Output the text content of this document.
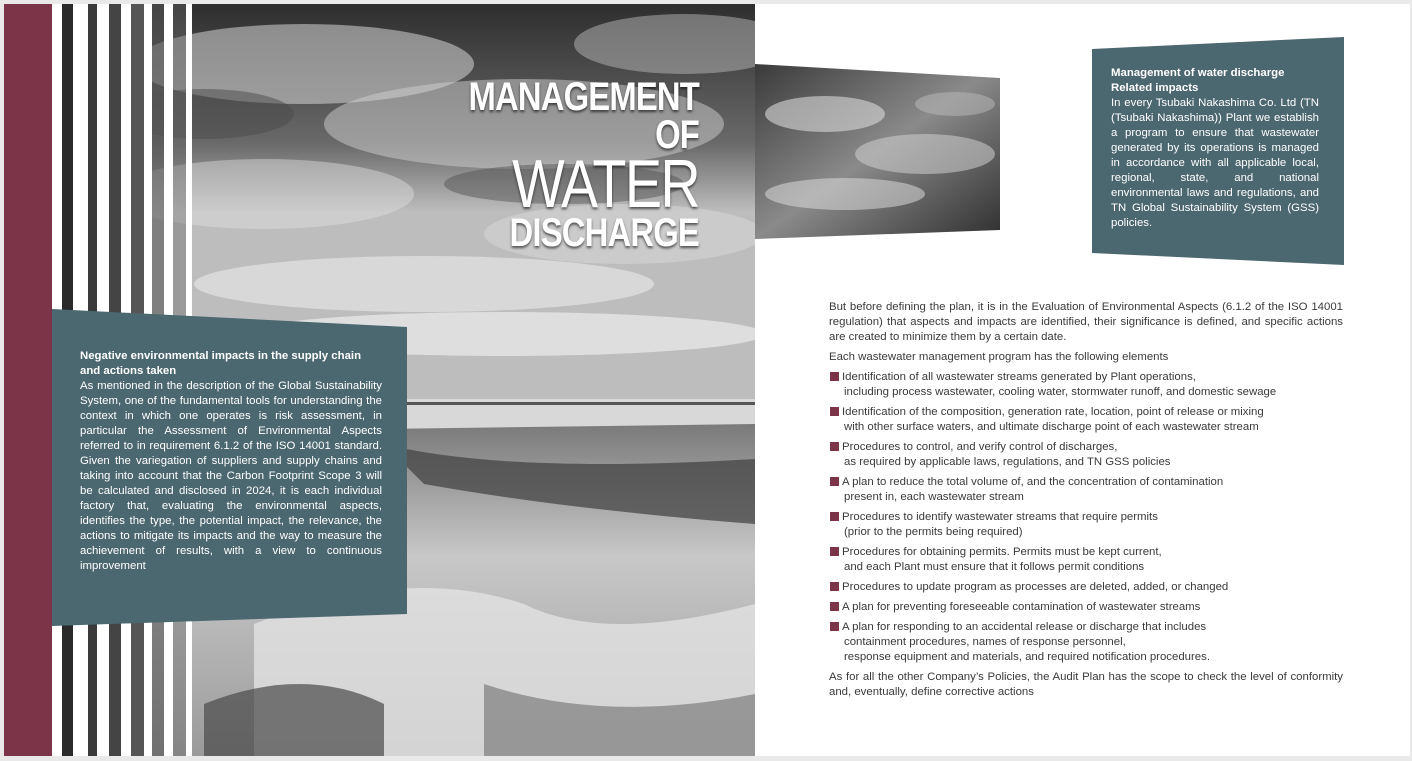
MANAGEMENT OF
WATER
DISCHARGE
Negative environmental impacts in the supply chain and actions taken
As mentioned in the description of the Global Sustainability System, one of the fundamental tools for understanding the context in which one operates is risk assessment, in particular the Assessment of Environmental Aspects referred to in requirement 6.1.2 of the ISO 14001 standard. Given the variegation of suppliers and supply chains and taking into account that the Carbon Footprint Scope 3 will be calculated and disclosed in 2024, it is each individual factory that, evaluating the environmental aspects, identifies the type, the potential impact, the relevance, the actions to mitigate its impacts and the way to measure the achievement of results, with a view to continuous improvement
Management of water discharge
Related impacts
In every Tsubaki Nakashima Co. Ltd (TN (Tsubaki Nakashima)) Plant we establish a program to ensure that wastewater generated by its operations is managed in accordance with all applicable local, regional, state, and national environmental laws and regulations, and TN Global Sustainability System (GSS) policies.

But before defining the plan, it is in the Evaluation of Environmental Aspects (6.1.2 of the ISO 14001 regulation) that aspects and impacts are identified, their significance is defined, and specific actions are created to minimize them by a certain date.

Each wastewater management program has the following elements

Identification of all wastewater streams generated by Plant operations,
including process wastewater, cooling water, stormwater runoff, and domestic sewage
Identification of the composition, generation rate, location, point of release or mixing
with other surface waters, and ultimate discharge point of each wastewater stream
Procedures to control, and verify control of discharges,
as required by applicable laws, regulations, and TN GSS policies
A plan to reduce the total volume of, and the concentration of contamination
present in, each wastewater stream
Procedures to identify wastewater streams that require permits
(prior to the permits being required)
Procedures for obtaining permits. Permits must be kept current,
and each Plant must ensure that it follows permit conditions
Procedures to update program as processes are deleted, added, or changed
A plan for preventing foreseeable contamination of wastewater streams
A plan for responding to an accidental release or discharge that includes
containment procedures, names of response personnel,
response equipment and materials, and required notification procedures.

As for all the other Company’s Policies, the Audit Plan has the scope to check the level of conformity and, eventually, define corrective actions
